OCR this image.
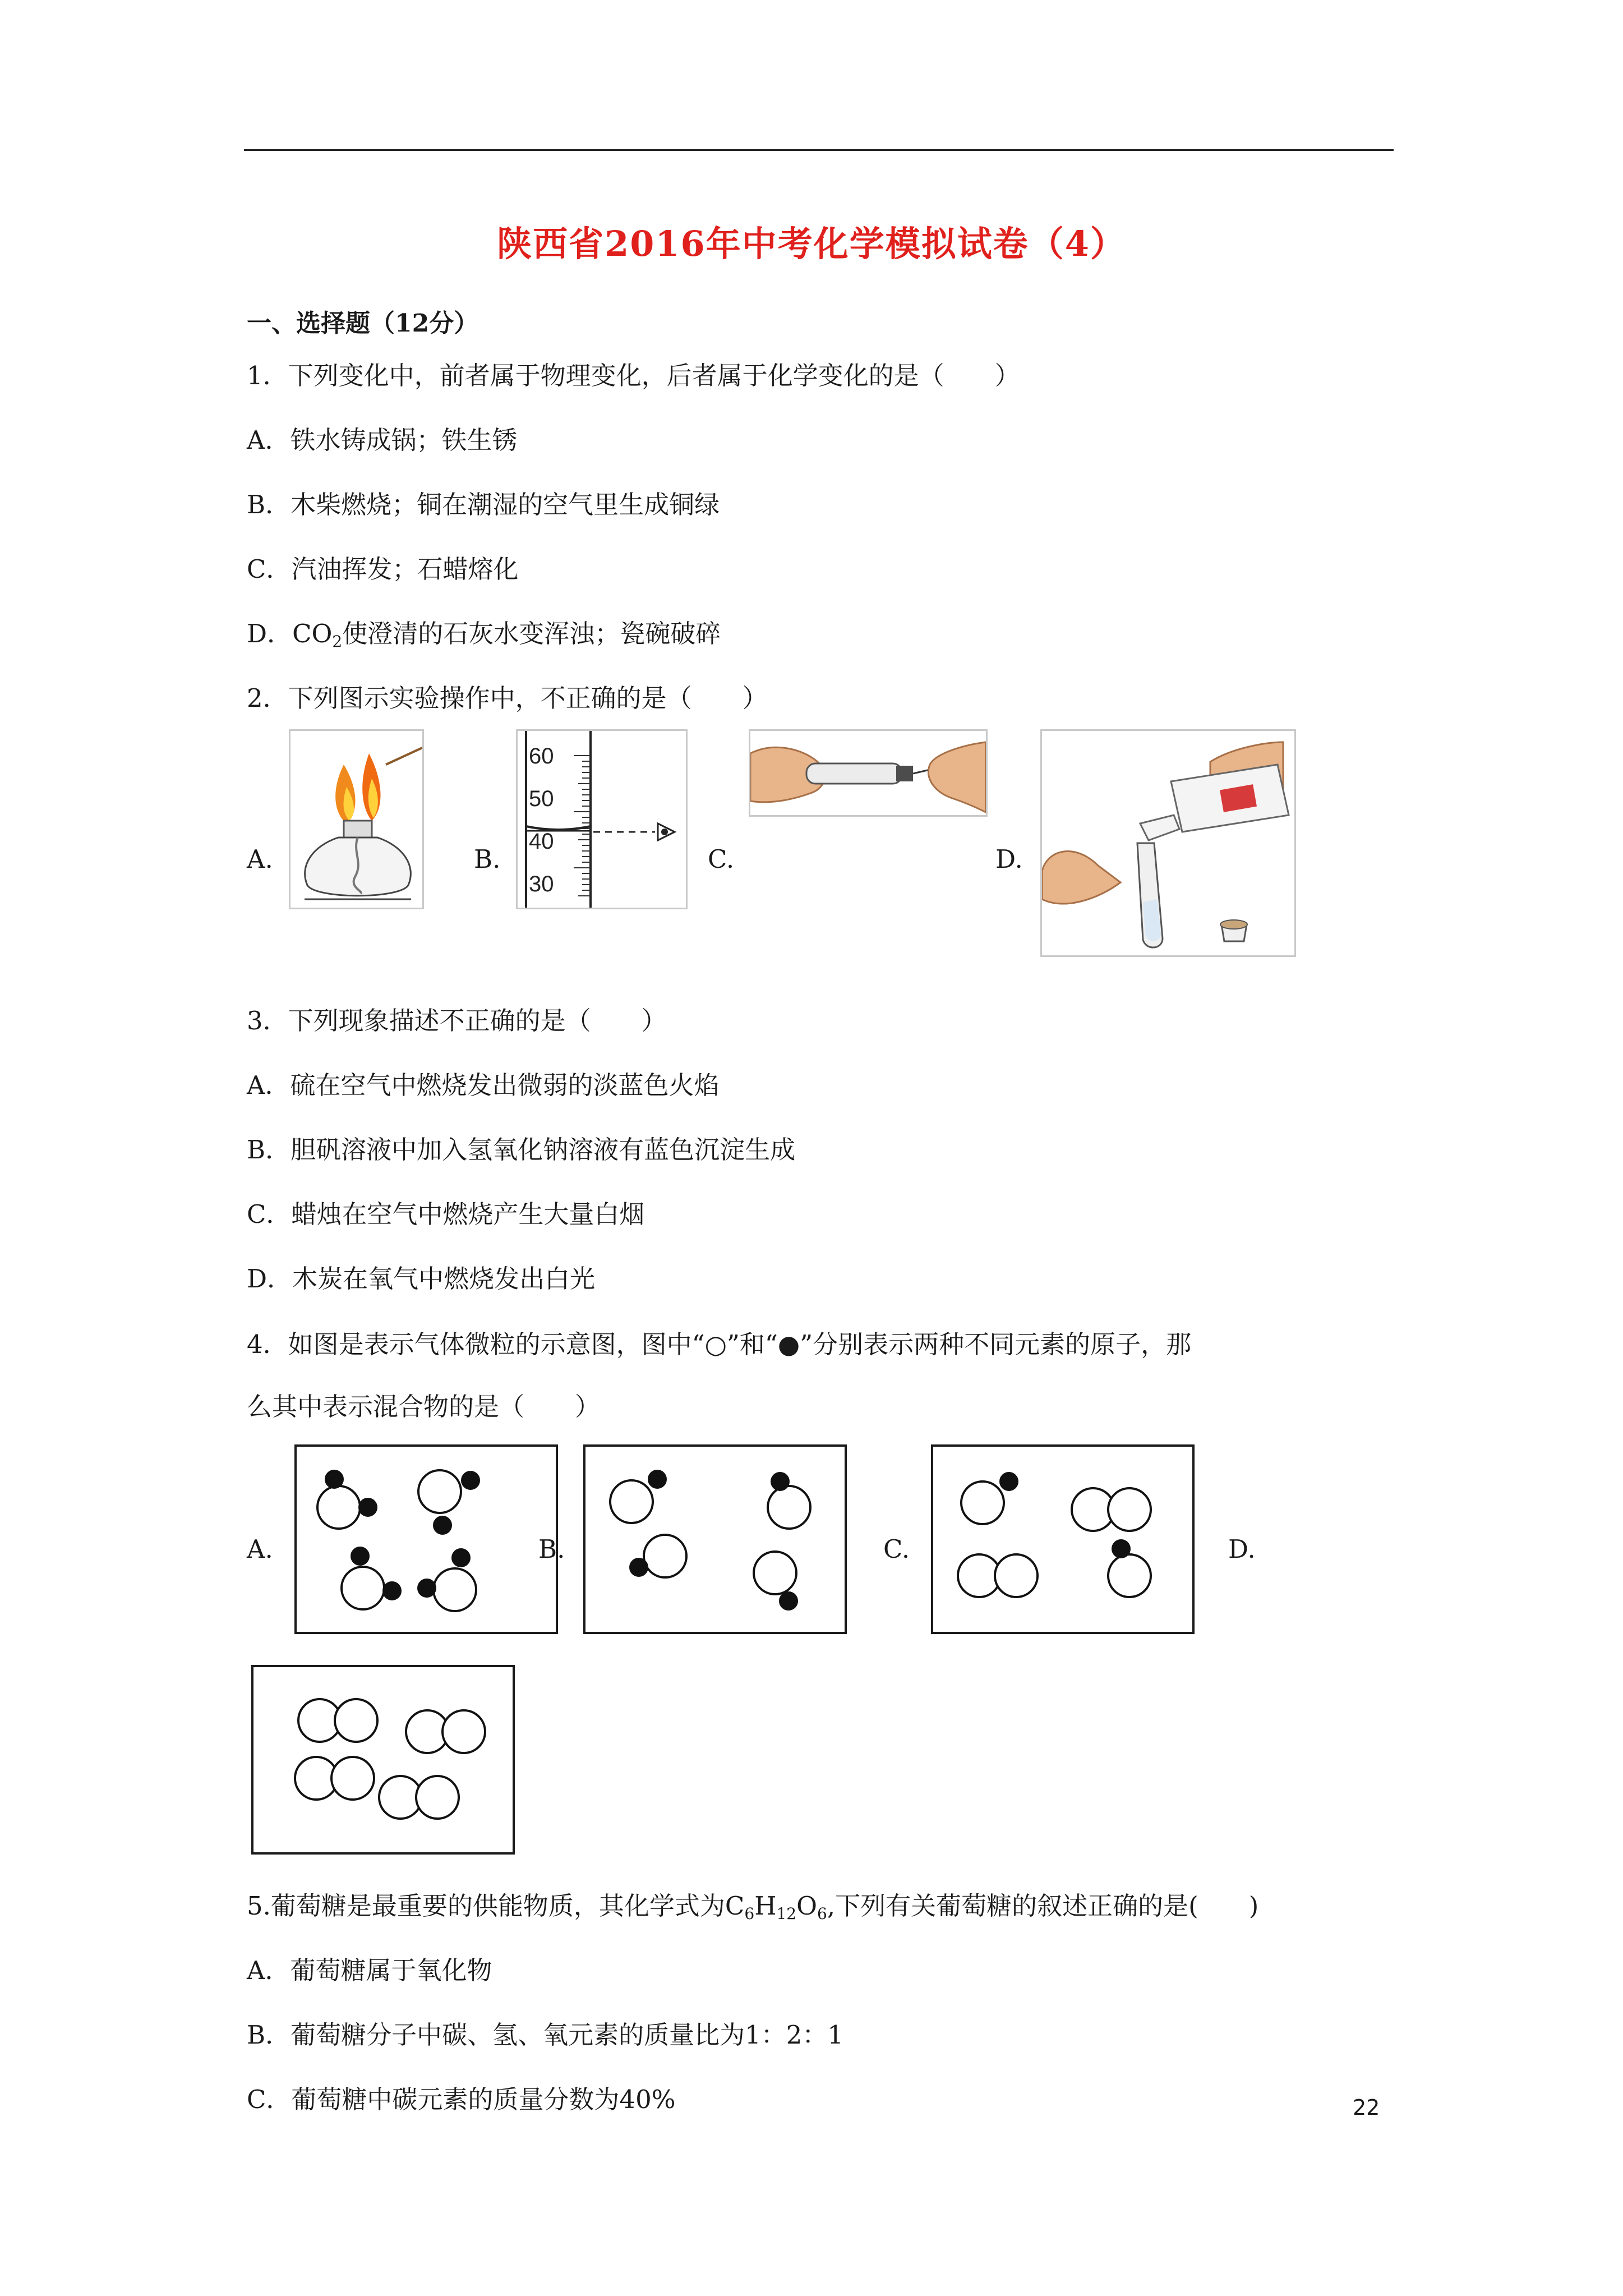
陕西省2016年中考化学模拟试卷（4）
一、选择题（12分）
1．下列变化中，前者属于物理变化，后者属于化学变化的是（　　）
A．铁水铸成锅；铁生锈
B．木柴燃烧；铜在潮湿的空气里生成铜绿
C．汽油挥发；石蜡熔化
D．$CO_2$使澄清的石灰水变浑浊；瓷碗破碎
2．下列图示实验操作中，不正确的是（　　）
A.	B.
60
50
40
30
C.	D.
3．下列现象描述不正确的是（　　）
A．硫在空气中燃烧发出微弱的淡蓝色火焰
B．胆矾溶液中加入氢氧化钠溶液有蓝色沉淀生成
C．蜡烛在空气中燃烧产生大量白烟
D．木炭在氧气中燃烧发出白光
4．如图是表示气体微粒的示意图，图中“○”和“●”分别表示两种不同元素的原子，那
么其中表示混合物的是（　　）
A.	B.	C.	D.
5.葡萄糖是最重要的供能物质，其化学式为$C_6H_{12}O_6$,下列有关葡萄糖的叙述正确的是(　　)
A．葡萄糖属于氧化物
B．葡萄糖分子中碳、氢、氧元素的质量比为1：2：1
C．葡萄糖中碳元素的质量分数为40%	22
